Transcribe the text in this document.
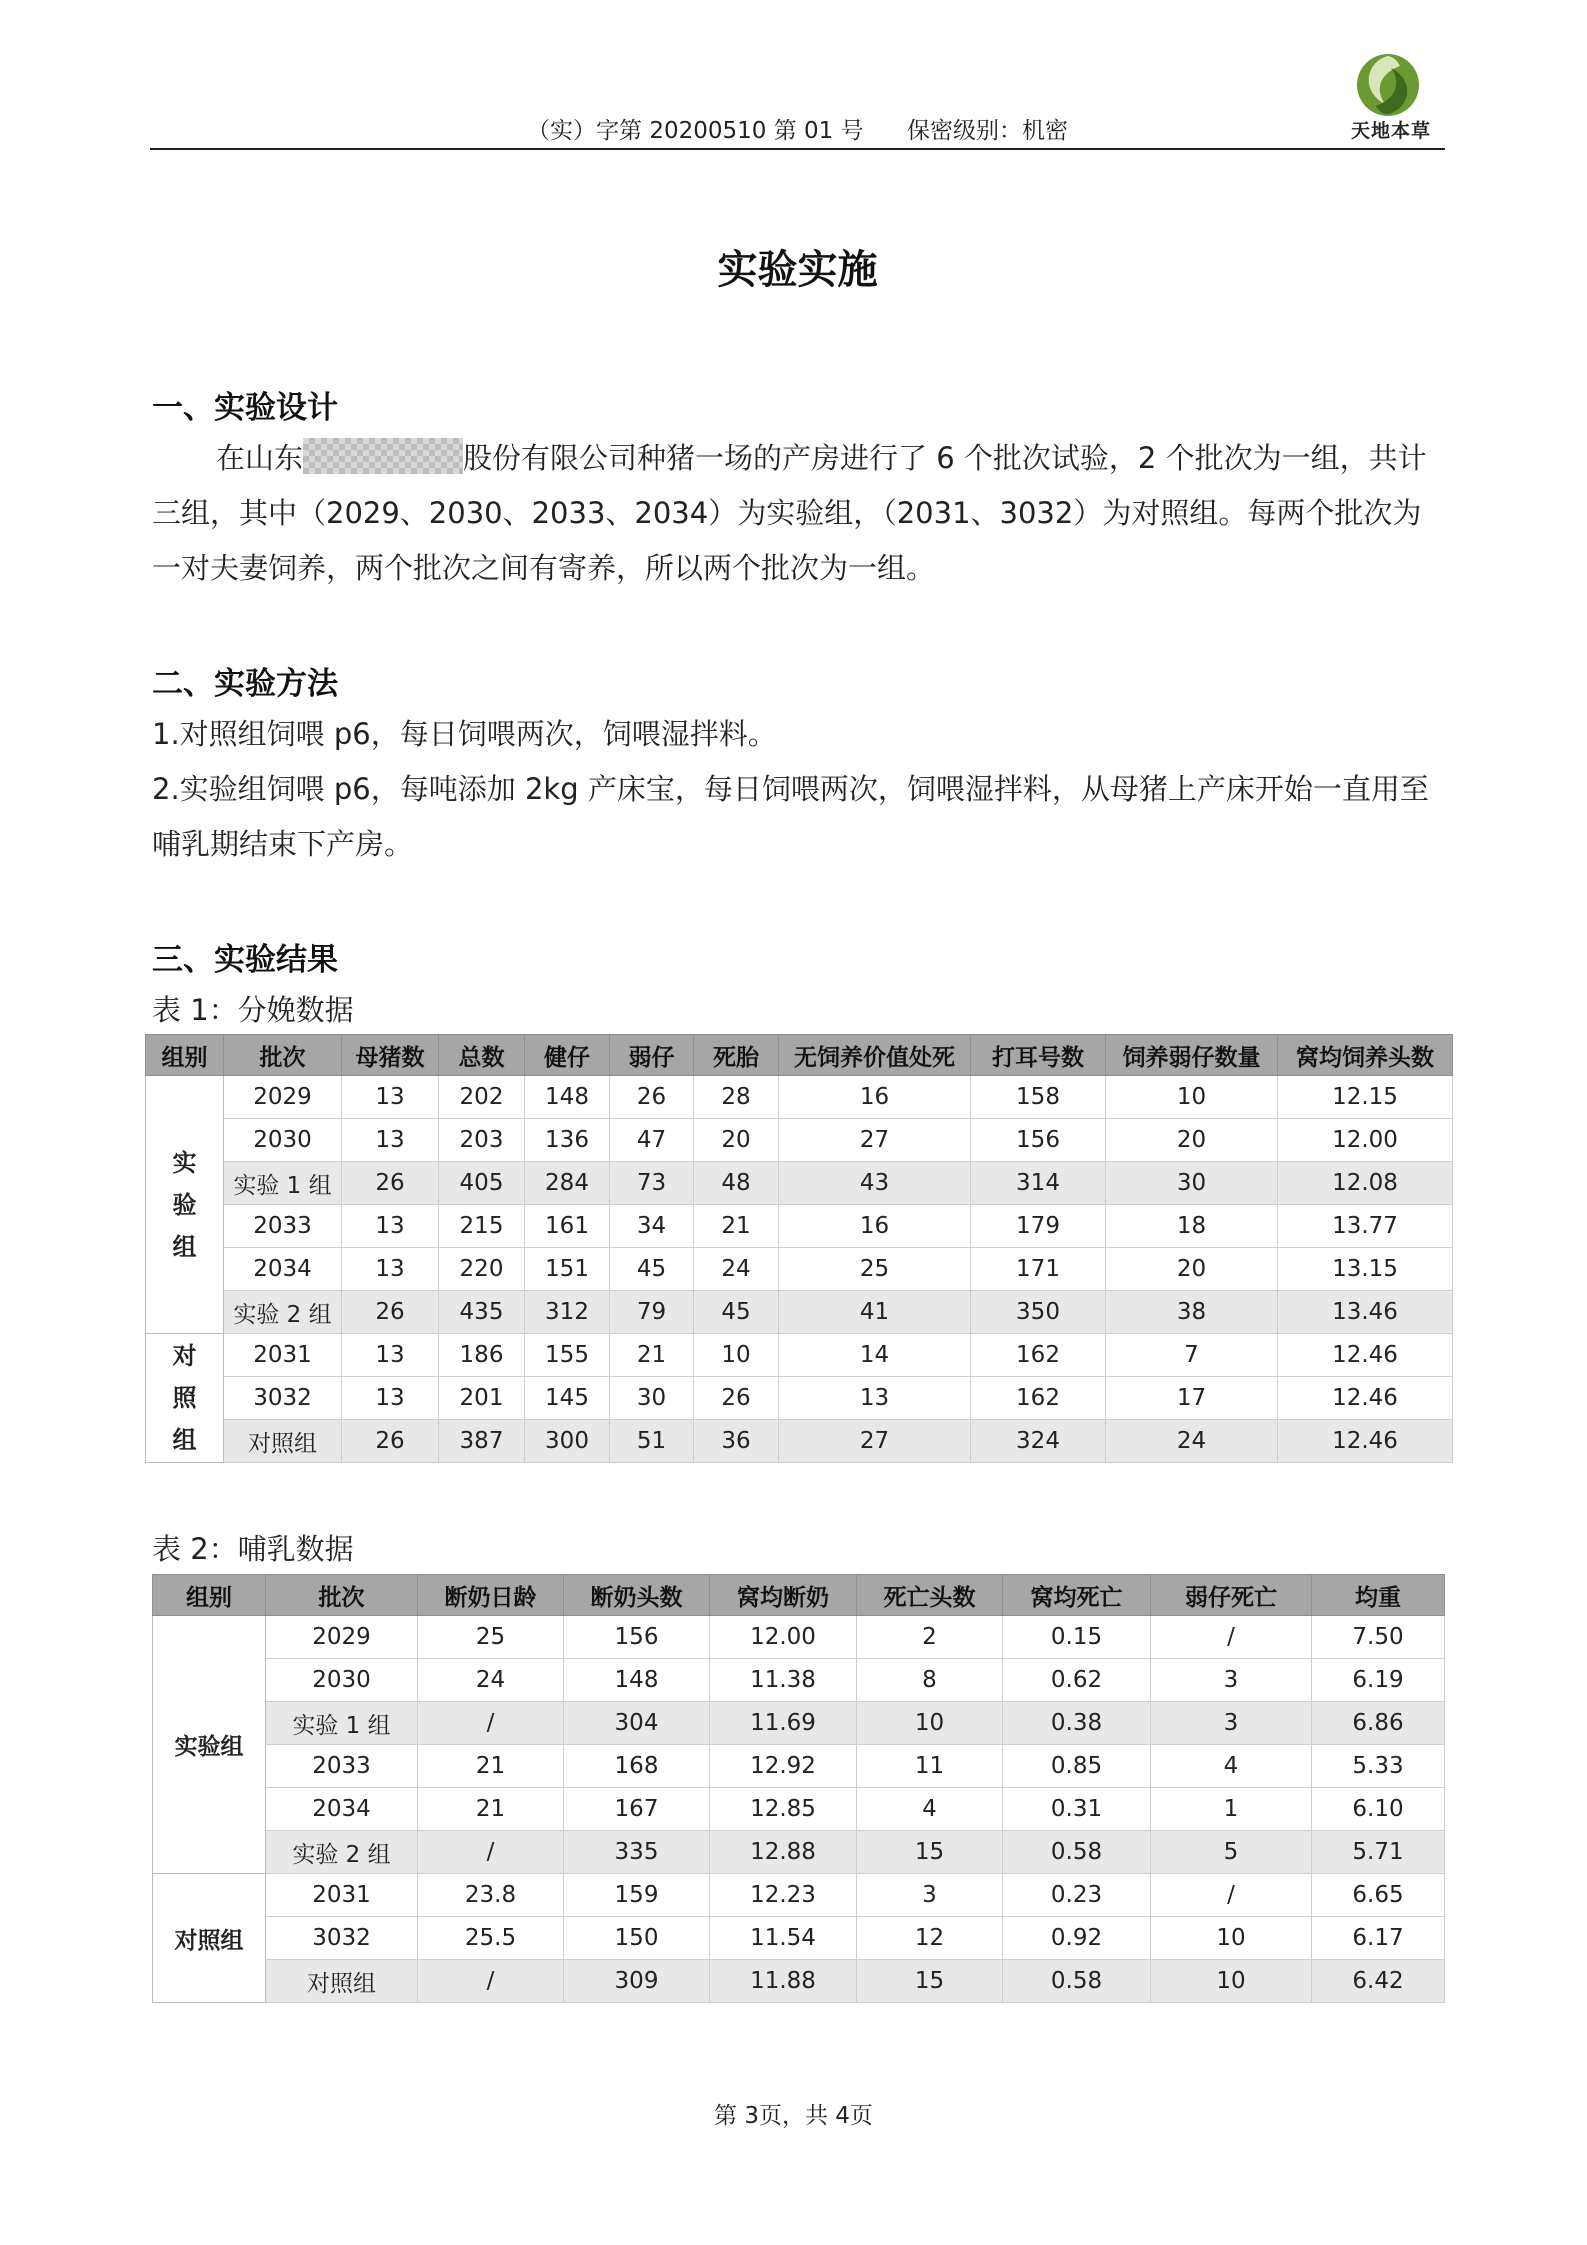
天地本草
（实）字第 20200510 第 01 号 保密级别：机密
实验实施
一、实验设计
在山东	股份有限公司种猪一场的产房进行了 6 个批次试验，2 个批次为一组，共计三组，其中（2029、2030、2033、2034）为实验组，（2031、3032）为对照组。每两个批次为一对夫妻饲养，两个批次之间有寄养，所以两个批次为一组。
二、实验方法
1.对照组饲喂 p6，每日饲喂两次，饲喂湿拌料。
2.实验组饲喂 p6，每吨添加 2kg 产床宝，每日饲喂两次，饲喂湿拌料，从母猪上产床开始一直用至哺乳期结束下产房。
三、实验结果
表 1：分娩数据
组别	批次	母猪数	总数	健仔	弱仔	死胎	无饲养价值处死	打耳号数	饲养弱仔数量	窝均饲养头数

实
验
组	2029	13	202	148	26	28	16	158	10	12.15
	2030	13	203	136	47	20	27	156	20	12.00
	实验 1 组	26	405	284	73	48	43	314	30	12.08
	2033	13	215	161	34	21	16	179	18	13.77
	2034	13	220	151	45	24	25	171	20	13.15
	实验 2 组	26	435	312	79	45	41	350	38	13.46

对
照
组	2031	13	186	155	21	10	14	162	7	12.46
	3032	13	201	145	30	26	13	162	17	12.46
	对照组	26	387	300	51	36	27	324	24	12.46
表 2：哺乳数据
组别	批次	断奶日龄	断奶头数	窝均断奶	死亡头数	窝均死亡	弱仔死亡	均重
实验组	2029	25	156	12.00	2	0.15	/	7.50
	2030	24	148	11.38	8	0.62	3	6.19
	实验 1 组	/	304	11.69	10	0.38	3	6.86
	2033	21	168	12.92	11	0.85	4	5.33
	2034	21	167	12.85	4	0.31	1	6.10
	实验 2 组	/	335	12.88	15	0.58	5	5.71
对照组	2031	23.8	159	12.23	3	0.23	/	6.65
	3032	25.5	150	11.54	12	0.92	10	6.17
	对照组	/	309	11.88	15	0.58	10	6.42
第 3页，共 4页
